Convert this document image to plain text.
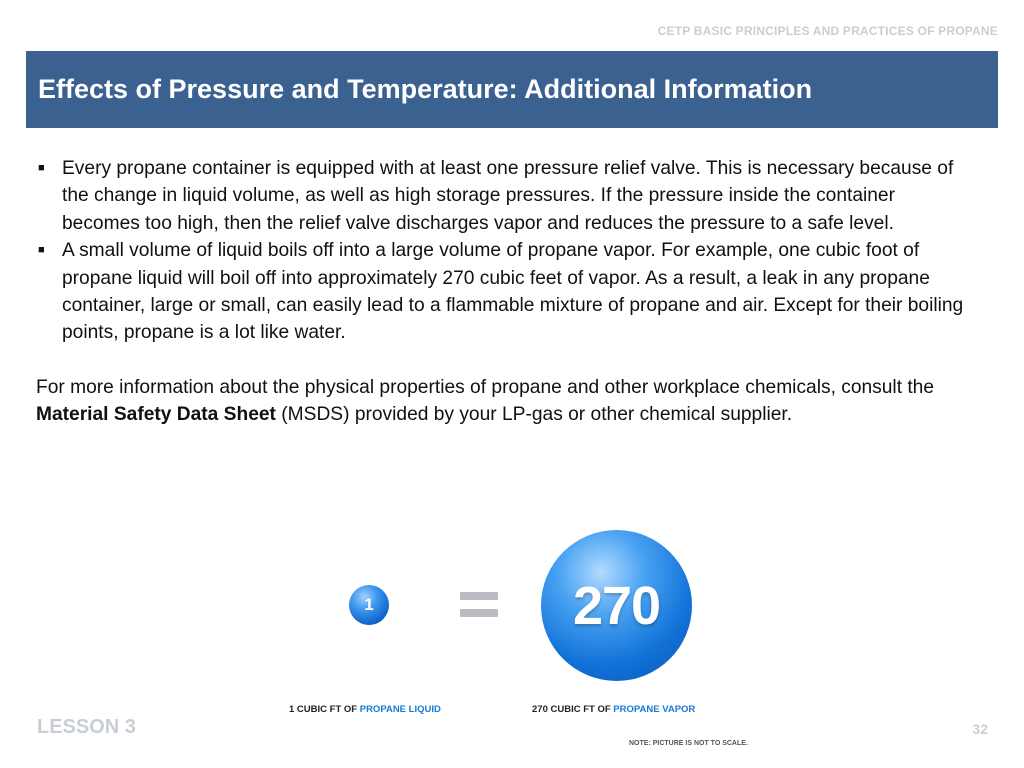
CETP BASIC PRINCIPLES AND PRACTICES OF PROPANE
Effects of Pressure and Temperature: Additional Information
■ Every propane container is equipped with at least one pressure relief valve. This is necessary because of the change in liquid volume, as well as high storage pressures. If the pressure inside the container becomes too high, then the relief valve discharges vapor and reduces the pressure to a safe level.
■ A small volume of liquid boils off into a large volume of propane vapor. For example, one cubic foot of propane liquid will boil off into approximately 270 cubic feet of vapor. As a result, a leak in any propane container, large or small, can easily lead to a flammable mixture of propane and air. Except for their boiling points, propane is a lot like water.
For more information about the physical properties of propane and other workplace chemicals, consult the Material Safety Data Sheet (MSDS) provided by your LP-gas or other chemical supplier.
1	270
1 CUBIC FT OF PROPANE LIQUID	270 CUBIC FT OF PROPANE VAPOR
NOTE: PICTURE IS NOT TO SCALE.
LESSON 3	32
